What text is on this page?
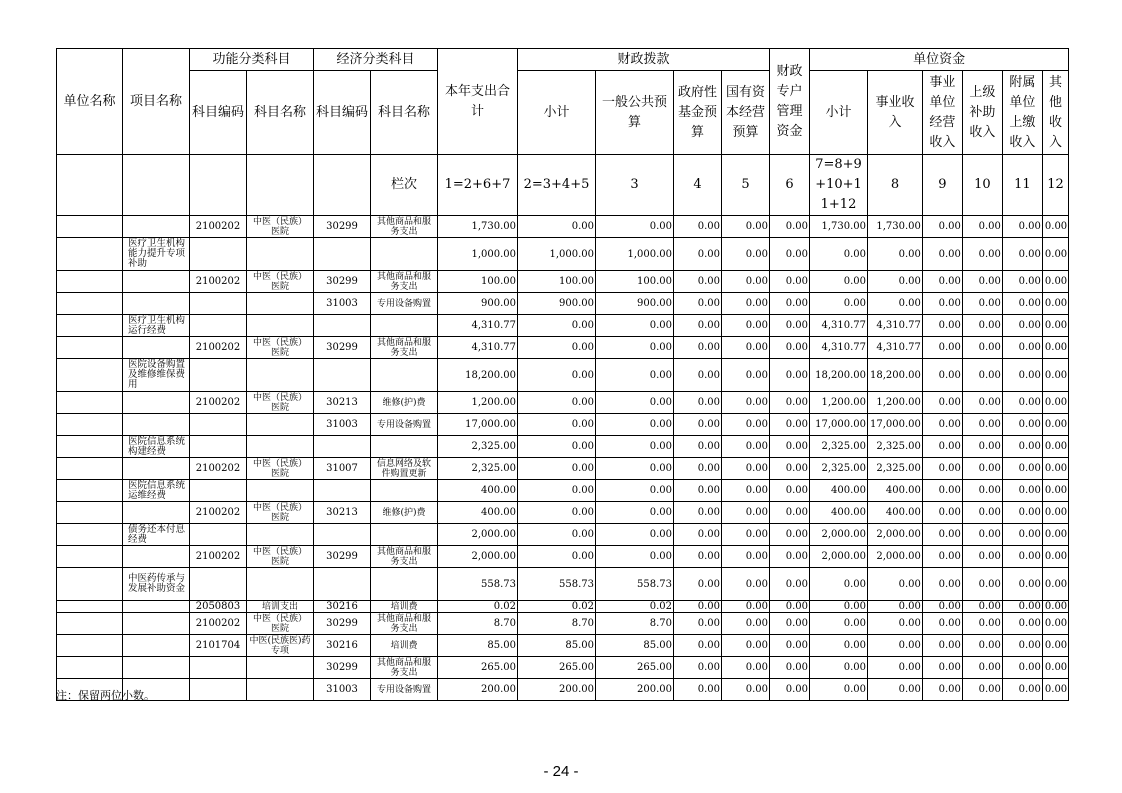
单位名称	项目名称	功能分类科目		经济分类科目		本年支出合计	财政拨款				财政专户管理资金	单位资金					
		科目编码	科目名称	科目编码	科目名称		小计	一般公共预算	政府性基金预算	国有资本经营预算		小计	事业收入	事业单位经营收入	上级补助收入	附属单位上缴收入	其他收入
					栏次	1=2+6+7	2=3+4+5	3	4	5	6	7=8+9+10+11+12	8	9	10	11	12
		2100202	中医（民族）医院	30299	其他商品和服务支出	1,730.00	0.00	0.00	0.00	0.00	0.00	1,730.00	1,730.00	0.00	0.00	0.00	0.00
	医疗卫生机构能力提升专项补助					1,000.00	1,000.00	1,000.00	0.00	0.00	0.00	0.00	0.00	0.00	0.00	0.00	0.00
		2100202	中医（民族）医院	30299	其他商品和服务支出	100.00	100.00	100.00	0.00	0.00	0.00	0.00	0.00	0.00	0.00	0.00	0.00
				31003	专用设备购置	900.00	900.00	900.00	0.00	0.00	0.00	0.00	0.00	0.00	0.00	0.00	0.00
	医疗卫生机构运行经费					4,310.77	0.00	0.00	0.00	0.00	0.00	4,310.77	4,310.77	0.00	0.00	0.00	0.00
		2100202	中医（民族）医院	30299	其他商品和服务支出	4,310.77	0.00	0.00	0.00	0.00	0.00	4,310.77	4,310.77	0.00	0.00	0.00	0.00
	医院设备购置及维修维保费用					18,200.00	0.00	0.00	0.00	0.00	0.00	18,200.00	18,200.00	0.00	0.00	0.00	0.00
		2100202	中医（民族）医院	30213	维修(护)费	1,200.00	0.00	0.00	0.00	0.00	0.00	1,200.00	1,200.00	0.00	0.00	0.00	0.00
				31003	专用设备购置	17,000.00	0.00	0.00	0.00	0.00	0.00	17,000.00	17,000.00	0.00	0.00	0.00	0.00
	医院信息系统构建经费					2,325.00	0.00	0.00	0.00	0.00	0.00	2,325.00	2,325.00	0.00	0.00	0.00	0.00
		2100202	中医（民族）医院	31007	信息网络及软件购置更新	2,325.00	0.00	0.00	0.00	0.00	0.00	2,325.00	2,325.00	0.00	0.00	0.00	0.00
	医院信息系统运维经费					400.00	0.00	0.00	0.00	0.00	0.00	400.00	400.00	0.00	0.00	0.00	0.00
		2100202	中医（民族）医院	30213	维修(护)费	400.00	0.00	0.00	0.00	0.00	0.00	400.00	400.00	0.00	0.00	0.00	0.00
	债务还本付息经费					2,000.00	0.00	0.00	0.00	0.00	0.00	2,000.00	2,000.00	0.00	0.00	0.00	0.00
		2100202	中医（民族）医院	30299	其他商品和服务支出	2,000.00	0.00	0.00	0.00	0.00	0.00	2,000.00	2,000.00	0.00	0.00	0.00	0.00
	中医药传承与发展补助资金					558.73	558.73	558.73	0.00	0.00	0.00	0.00	0.00	0.00	0.00	0.00	0.00
		2050803	培训支出	30216	培训费	0.02	0.02	0.02	0.00	0.00	0.00	0.00	0.00	0.00	0.00	0.00	0.00
		2100202	中医（民族）医院	30299	其他商品和服务支出	8.70	8.70	8.70	0.00	0.00	0.00	0.00	0.00	0.00	0.00	0.00	0.00
		2101704	中医(民族医)药专项	30216	培训费	85.00	85.00	85.00	0.00	0.00	0.00	0.00	0.00	0.00	0.00	0.00	0.00
				30299	其他商品和服务支出	265.00	265.00	265.00	0.00	0.00	0.00	0.00	0.00	0.00	0.00	0.00	0.00
				31003	专用设备购置	200.00	200.00	200.00	0.00	0.00	0.00	0.00	0.00	0.00	0.00	0.00	0.00
注：保留两位小数。
- 24 -
